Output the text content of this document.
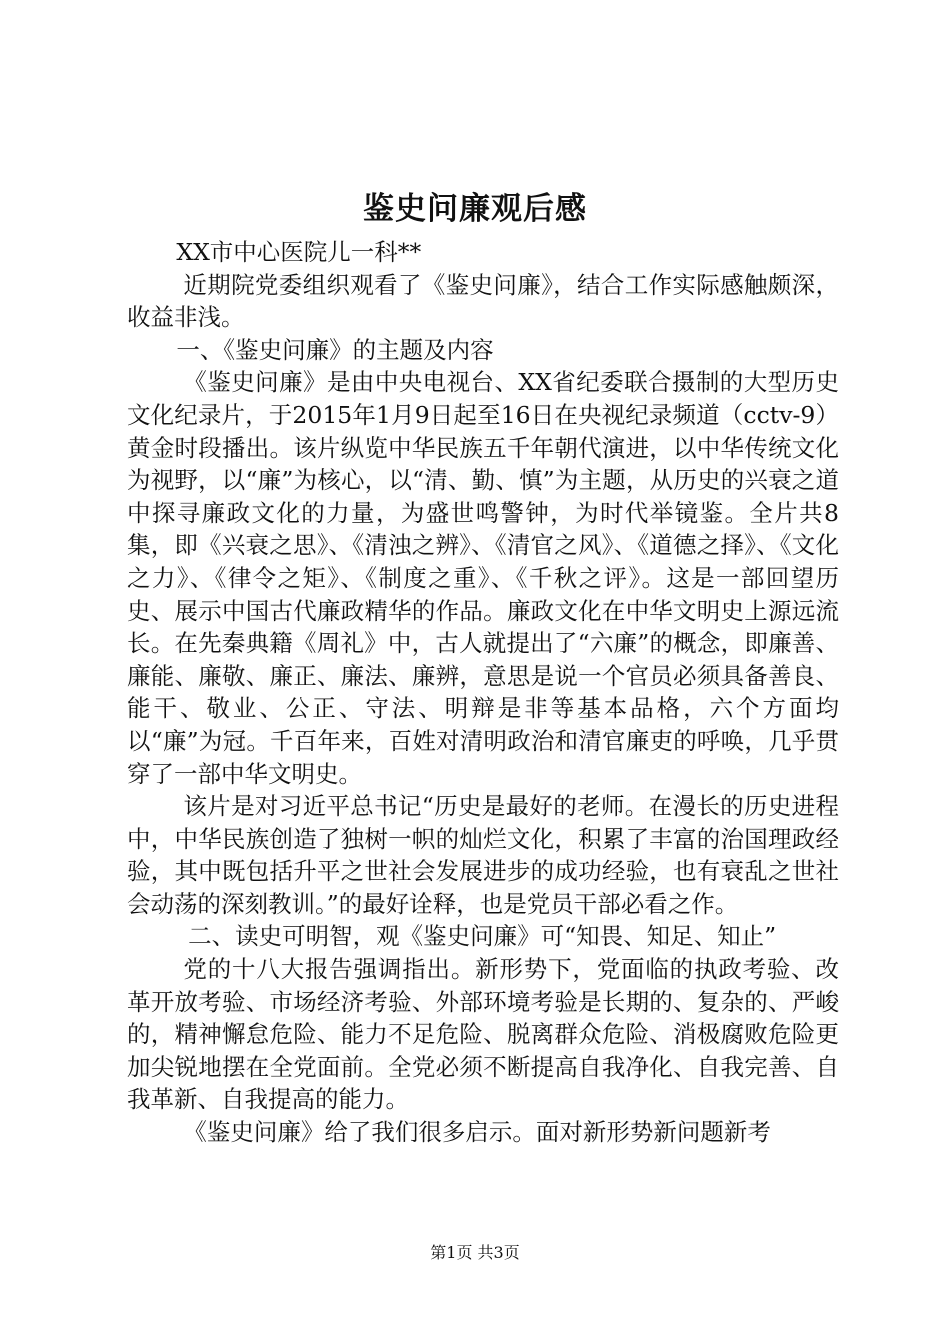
鉴史问廉观后感

XX市中心医院儿一科**

近期院党委组织观看了《鉴史问廉》，结合工作实际感触颇深，收益非浅。

一、《鉴史问廉》的主题及内容

《鉴史问廉》是由中央电视台、XX省纪委联合摄制的大型历史文化纪录片，于2015年1月9日起至16日在央视纪录频道（cctv-9）黄金时段播出。该片纵览中华民族五千年朝代演进，以中华传统文化为视野，以“廉”为核心，以“清、勤、慎”为主题，从历史的兴衰之道中探寻廉政文化的力量，为盛世鸣警钟，为时代举镜鉴。全片共8集，即《兴衰之思》、《清浊之辨》、《清官之风》、《道德之择》、《文化之力》、《律令之矩》、《制度之重》、《千秋之评》。这是一部回望历史、展示中国古代廉政精华的作品。廉政文化在中华文明史上源远流长。在先秦典籍《周礼》中，古人就提出了“六廉”的概念，即廉善、廉能、廉敬、廉正、廉法、廉辨，意思是说一个官员必须具备善良、能干、敬业、公正、守法、明辩是非等基本品格，六个方面均以“廉”为冠。千百年来，百姓对清明政治和清官廉吏的呼唤，几乎贯穿了一部中华文明史。

该片是对习近平总书记“历史是最好的老师。在漫长的历史进程中，中华民族创造了独树一帜的灿烂文化，积累了丰富的治国理政经验，其中既包括升平之世社会发展进步的成功经验，也有衰乱之世社会动荡的深刻教训。”的最好诠释，也是党员干部必看之作。

二、读史可明智，观《鉴史问廉》可“知畏、知足、知止”

党的十八大报告强调指出。新形势下，党面临的执政考验、改革开放考验、市场经济考验、外部环境考验是长期的、复杂的、严峻的，精神懈怠危险、能力不足危险、脱离群众危险、消极腐败危险更加尖锐地摆在全党面前。全党必须不断提高自我净化、自我完善、自我革新、自我提高的能力。

《鉴史问廉》给了我们很多启示。面对新形势新问题新考

第1页 共3页
